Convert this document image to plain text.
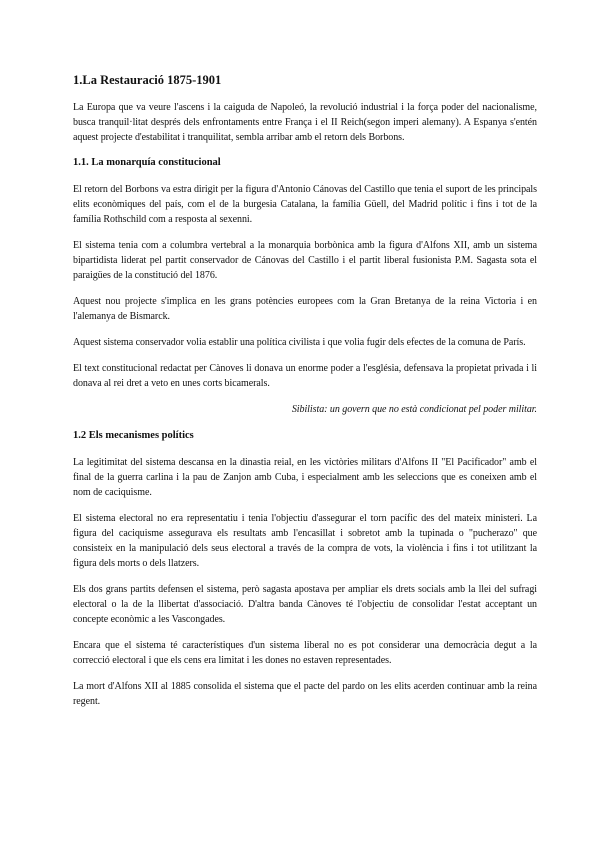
1.La Restauració 1875-1901

La Europa que va veure l'ascens i la caiguda de Napoleó, la revolució industrial i la força poder del nacionalisme, busca tranquil·litat després dels enfrontaments entre França i el II Reich(segon imperi alemany). A Espanya s'entén aquest projecte d'estabilitat i tranquilitat, sembla arribar amb el retorn dels Borbons.

1.1. La monarquía constitucional

El retorn del Borbons va estra dirigit per la figura d'Antonio Cánovas del Castillo que tenia el suport de les principals elits econòmiques del país, com el de la burgesia Catalana, la família Güell, del Madrid polític i fins i tot de la família Rothschild com a resposta al sexenni.

El sistema tenia com a columbra vertebral a la monarquia borbònica amb la figura d'Alfons XII, amb un sistema bipartidista liderat pel partit conservador de Cánovas del Castillo i el partit liberal fusionista P.M. Sagasta sota el paraigües de la constitució del 1876.

Aquest nou projecte s'implica en les grans potències europees com la Gran Bretanya de la reina Victoria i en l'alemanya de Bismarck.

Aquest sistema conservador volia establir una política civilista i que volia fugir dels efectes de la comuna de París.

El text constitucional redactat per Cànoves li donava un enorme poder a l'església, defensava la propietat privada i li donava al rei dret a veto en unes corts bicamerals.

Sibilista: un govern que no està condicionat pel poder militar.

1.2 Els mecanismes polítics

La legitimitat del sistema descansa en la dinastia reial, en les victòries militars d'Alfons II "El Pacificador" amb el final de la guerra carlina i la pau de Zanjon amb Cuba, i especialment amb les seleccions que es coneixen amb el nom de caciquisme.

El sistema electoral no era representatiu i tenia l'objectiu d'assegurar el torn pacífic des del mateix ministeri. La figura del caciquisme assegurava els resultats amb l'encasillat i sobretot amb la tupinada o "pucherazo" que consisteix en la manipulació dels seus electoral a través de la compra de vots, la violència i fins i tot utilitzant la figura dels morts o dels llatzers.

Els dos grans partits defensen el sistema, però sagasta apostava per ampliar els drets socials amb la llei del sufragi electoral o la de la llibertat d'associació. D'altra banda Cànoves té l'objectiu de consolidar l'estat acceptant un concepte econòmic a les Vascongades.

Encara que el sistema té característiques d'un sistema liberal no es pot considerar una democràcia degut a la correcció electoral i que els cens era limitat i les dones no estaven representades.

La mort d'Alfons XII al 1885 consolida el sistema que el pacte del pardo on les elits acerden continuar amb la reina regent.
